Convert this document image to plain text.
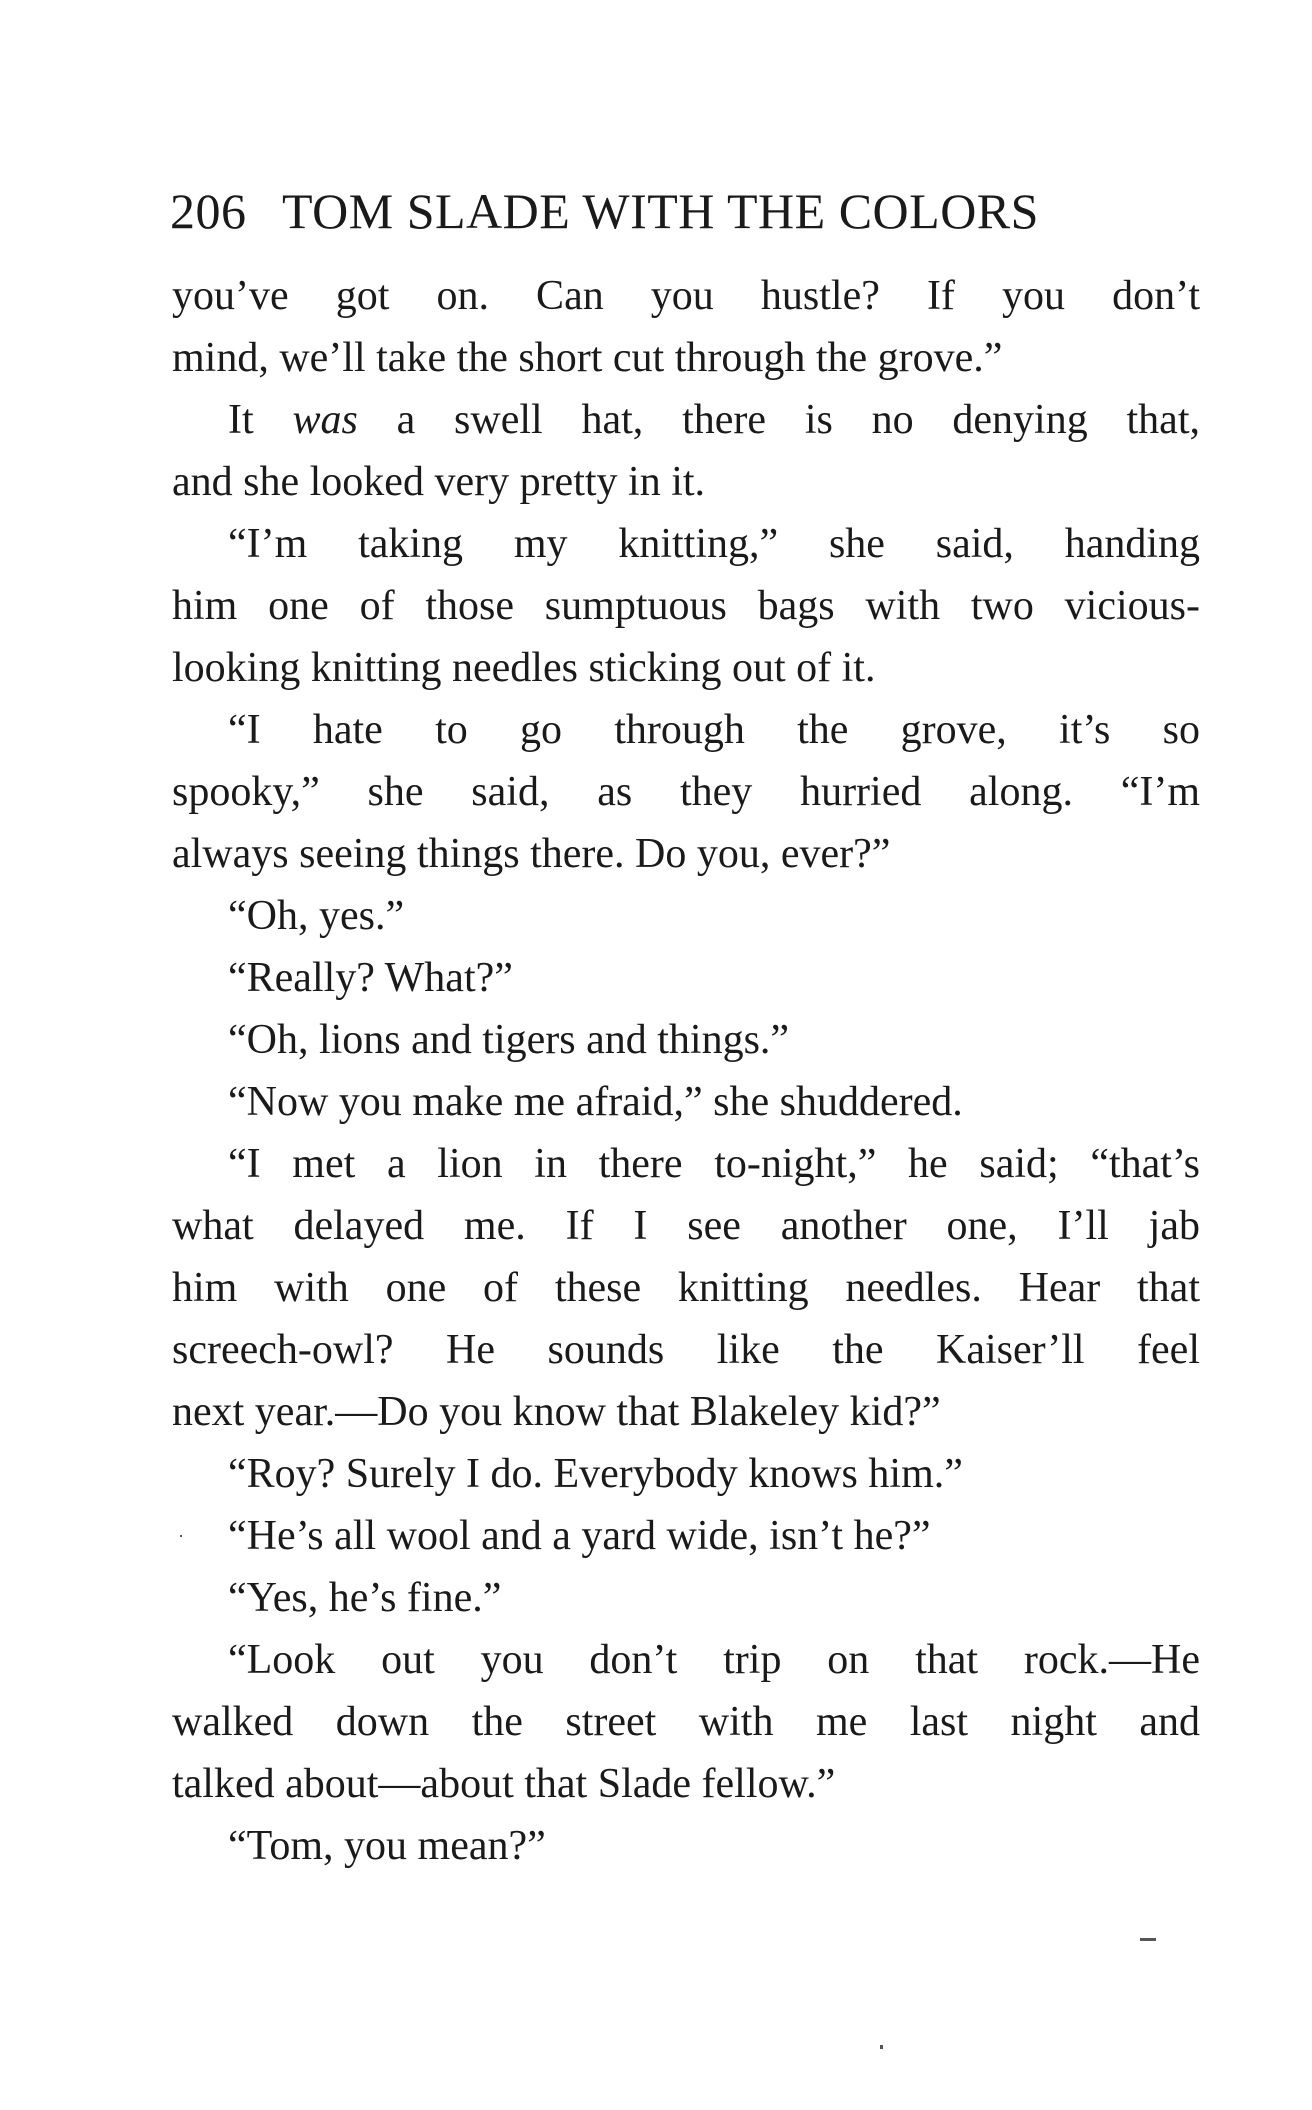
206 TOM SLADE WITH THE COLORS
you’ve got on. Can you hustle? If you don’t
mind, we’ll take the short cut through the grove.”
It was a swell hat, there is no denying that,
and she looked very pretty in it.
“I’m taking my knitting,” she said, handing
him one of those sumptuous bags with two vicious-
looking knitting needles sticking out of it.
“I hate to go through the grove, it’s so
spooky,” she said, as they hurried along. “I’m
always seeing things there. Do you, ever?”
“Oh, yes.”
“Really? What?”
“Oh, lions and tigers and things.”
“Now you make me afraid,” she shuddered.
“I met a lion in there to-night,” he said; “that’s
what delayed me. If I see another one, I’ll jab
him with one of these knitting needles. Hear that
screech-owl? He sounds like the Kaiser’ll feel
next year.—Do you know that Blakeley kid?”
“Roy? Surely I do. Everybody knows him.”
“He’s all wool and a yard wide, isn’t he?”
“Yes, he’s fine.”
“Look out you don’t trip on that rock.—He
walked down the street with me last night and
talked about—about that Slade fellow.”
“Tom, you mean?”
